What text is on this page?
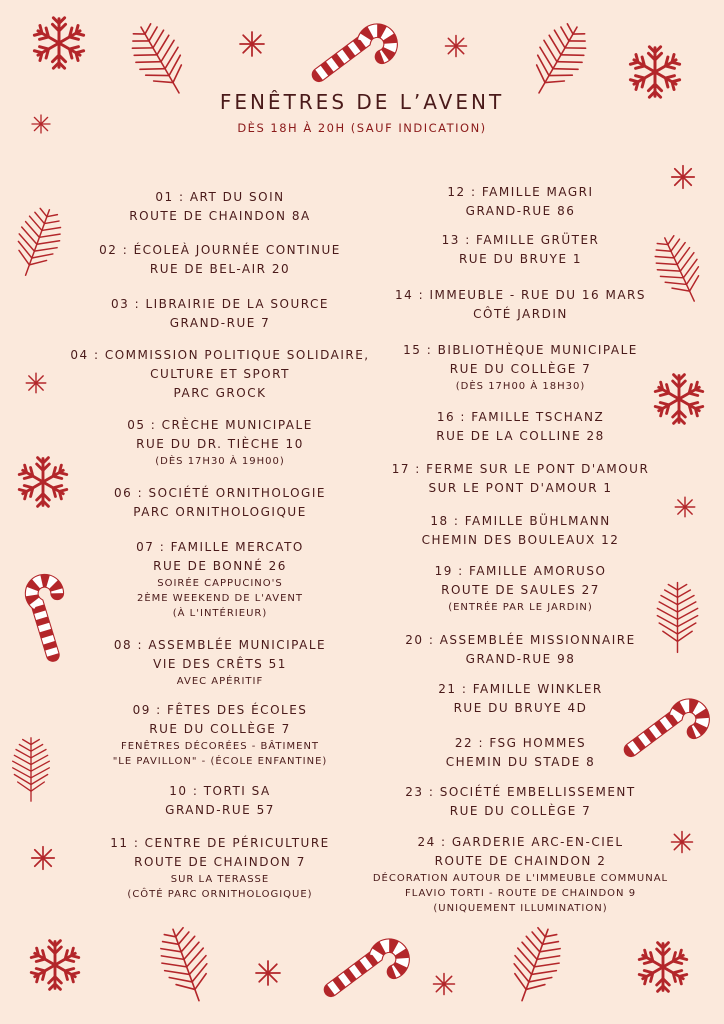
FENÊTRES DE L’AVENT
DÈS 18H À 20H (SAUF INDICATION)
01 : ART DU SOIN
ROUTE DE CHAINDON 8A
02 : ÉCOLEÀ JOURNÉE CONTINUE
RUE DE BEL-AIR 20
03 : LIBRAIRIE DE LA SOURCE
GRAND-RUE 7
04 : COMMISSION POLITIQUE SOLIDAIRE,
CULTURE ET SPORT
PARC GROCK
05 : CRÈCHE MUNICIPALE
RUE DU DR. TIÈCHE 10
(DÈS 17H30 À 19H00)
06 : SOCIÉTÉ ORNITHOLOGIE
PARC ORNITHOLOGIQUE
07 : FAMILLE MERCATO
RUE DE BONNÉ 26
SOIRÉE CAPPUCINO'S
2ÈME WEEKEND DE L'AVENT
(À L'INTÉRIEUR)
08 : ASSEMBLÉE MUNICIPALE
VIE DES CRÊTS 51
AVEC APÉRITIF
09 : FÊTES DES ÉCOLES
RUE DU COLLÈGE 7
FENÊTRES DÉCORÉES - BÂTIMENT
"LE PAVILLON" - (ÉCOLE ENFANTINE)
10 : TORTI SA
GRAND-RUE 57
11 : CENTRE DE PÉRICULTURE
ROUTE DE CHAINDON 7
SUR LA TERASSE
(CÔTÉ PARC ORNITHOLOGIQUE)
12 : FAMILLE MAGRI
GRAND-RUE 86
13 : FAMILLE GRÜTER
RUE DU BRUYE 1
14 : IMMEUBLE - RUE DU 16 MARS
CÔTÉ JARDIN
15 : BIBLIOTHÈQUE MUNICIPALE
RUE DU COLLÈGE 7
(DÈS 17H00 À 18H30)
16 : FAMILLE TSCHANZ
RUE DE LA COLLINE 28
17 : FERME SUR LE PONT D'AMOUR
SUR LE PONT D'AMOUR 1
18 : FAMILLE BÜHLMANN
CHEMIN DES BOULEAUX 12
19 : FAMILLE AMORUSO
ROUTE DE SAULES 27
(ENTRÉE PAR LE JARDIN)
20 : ASSEMBLÉE MISSIONNAIRE
GRAND-RUE 98
21 : FAMILLE WINKLER
RUE DU BRUYE 4D
22 : FSG HOMMES
CHEMIN DU STADE 8
23 : SOCIÉTÉ EMBELLISSEMENT
RUE DU COLLÈGE 7
24 : GARDERIE ARC-EN-CIEL
ROUTE DE CHAINDON 2
DÉCORATION AUTOUR DE L'IMMEUBLE COMMUNAL
FLAVIO TORTI - ROUTE DE CHAINDON 9
(UNIQUEMENT ILLUMINATION)
